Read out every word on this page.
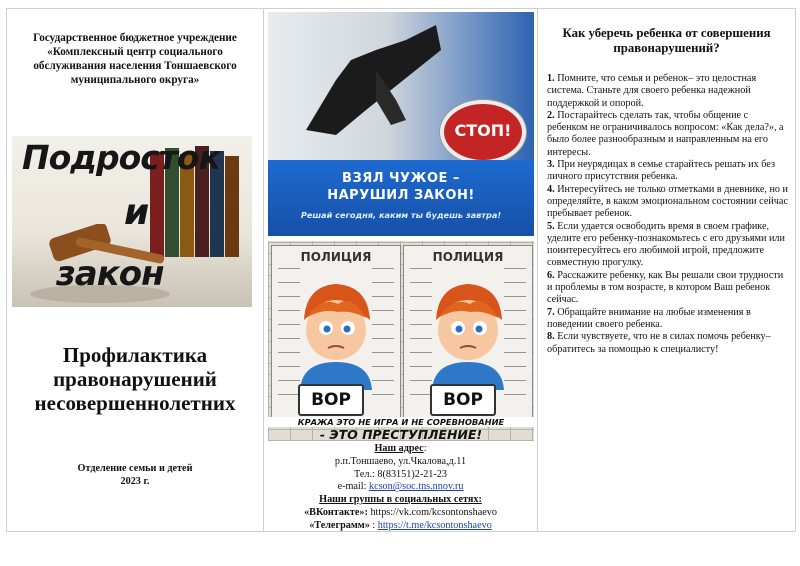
Государственное бюджетное учреждение «Комплексный центр социального обслуживания населения Тоншаевского муниципального округа»
Подросток
и
закон
Профилактика правонарушений несовершеннолетних
Отделение семьи и детей
2023 г.
СТОП!
ВЗЯЛ ЧУЖОЕ –
НАРУШИЛ ЗАКОН!
Решай сегодня, каким ты будешь завтра!
ПОЛИЦИЯ
ВОР
ПОЛИЦИЯ
ВОР
КРАЖА ЭТО НЕ ИГРА И НЕ СОРЕВНОВАНИЕ
- ЭТО ПРЕСТУПЛЕНИЕ!
Наш адрес:
р.п.Тоншаево, ул.Чкалова,д.11
Тел.: 8(83151)2-21-23
e-mail: kcson@soc.tns.nnov.ru
Наши группы в социальных сетях:
«ВКонтакте»: https://vk.com/kcsontonshaevo
«Телеграмм» : https://t.me/kcsontonshaevo
Как уберечь ребенка от совершения правонарушений?

1. Помните, что семья и ребенок– это целостная система. Станьте для своего ребенка надежной поддержкой и опорой.

2. Постарайтесь сделать так, чтобы общение с ребенком не ограничивалось вопросом: «Как дела?», а было более разнообразным и направленным на его интересы.

3. При неурядицах в семье старайтесь решать их без личного присутствия ребенка.

4. Интересуйтесь не только отметками в дневнике, но и определяйте, в каком эмоциональном состоянии сейчас пребывает ребенок.

5. Если удается освободить время в своем графике, уделите его ребенку-познакомьтесь с его друзьями или поинтересуйтесь его любимой игрой, предложите совместную прогулку.

6. Расскажите ребенку, как Вы решали свои трудности и проблемы в том возрасте, в котором Ваш ребенок сейчас.

7. Обращайте внимание на любые изменения в поведении своего ребенка.

8. Если чувствуете, что не в силах помочь ребенку– обратитесь за помощью к специалисту!
